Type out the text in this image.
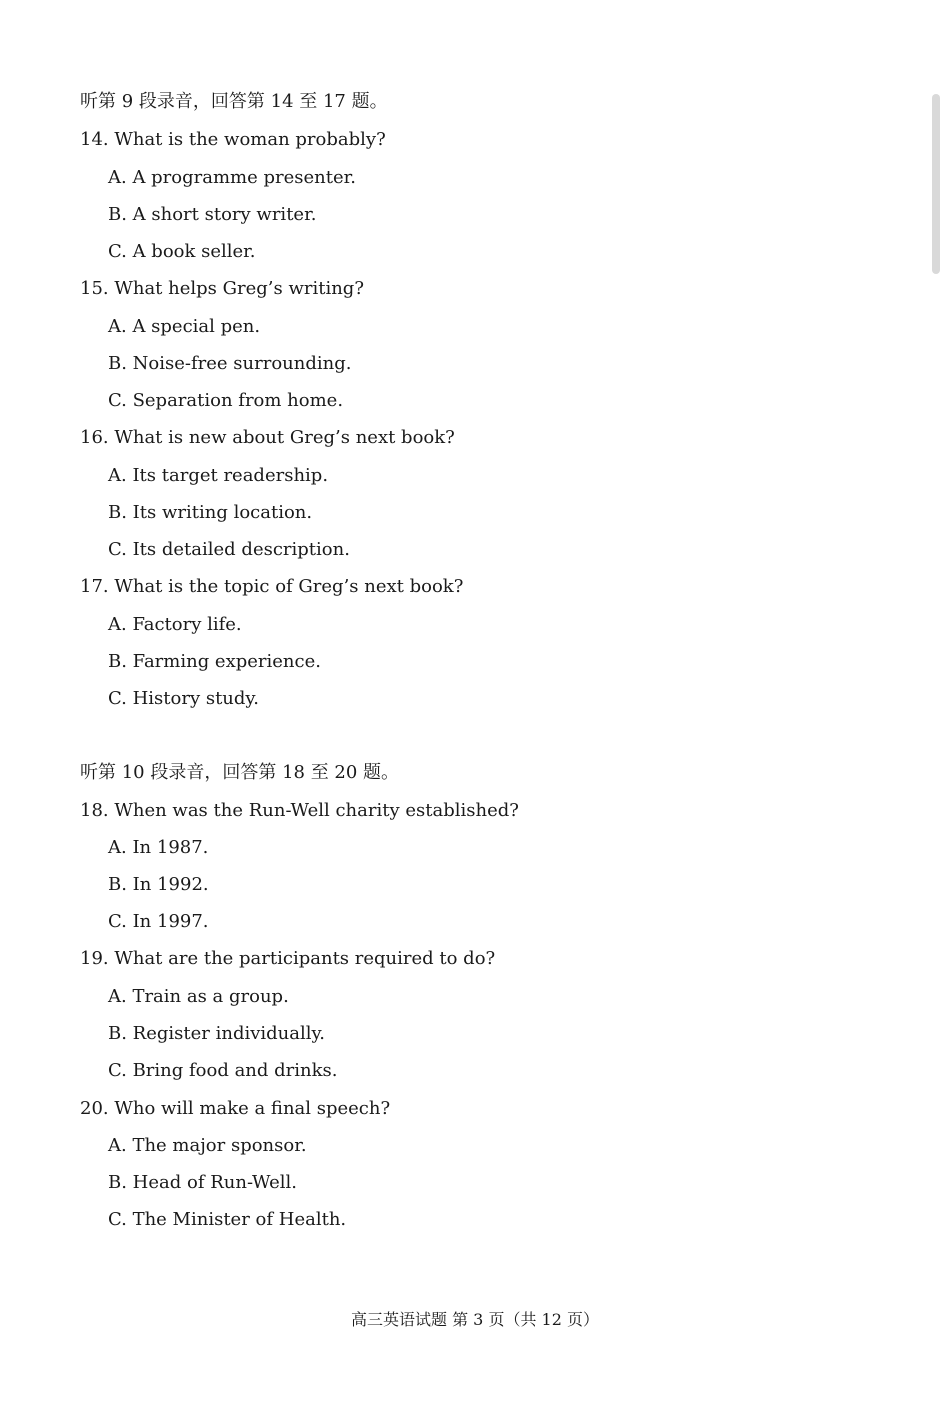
听第 9 段录音，回答第 14 至 17 题。
14. What is the woman probably?
A. A programme presenter.
B. A short story writer.
C. A book seller.
15. What helps Greg’s writing?
A. A special pen.
B. Noise-free surrounding.
C. Separation from home.
16. What is new about Greg’s next book?
A. Its target readership.
B. Its writing location.
C. Its detailed description.
17. What is the topic of Greg’s next book?
A. Factory life.
B. Farming experience.
C. History study.
听第 10 段录音，回答第 18 至 20 题。
18. When was the Run-Well charity established?
A. In 1987.
B. In 1992.
C. In 1997.
19. What are the participants required to do?
A. Train as a group.
B. Register individually.
C. Bring food and drinks.
20. Who will make a final speech?
A. The major sponsor.
B. Head of Run-Well.
C. The Minister of Health.
高三英语试题 第 3 页（共 12 页）
